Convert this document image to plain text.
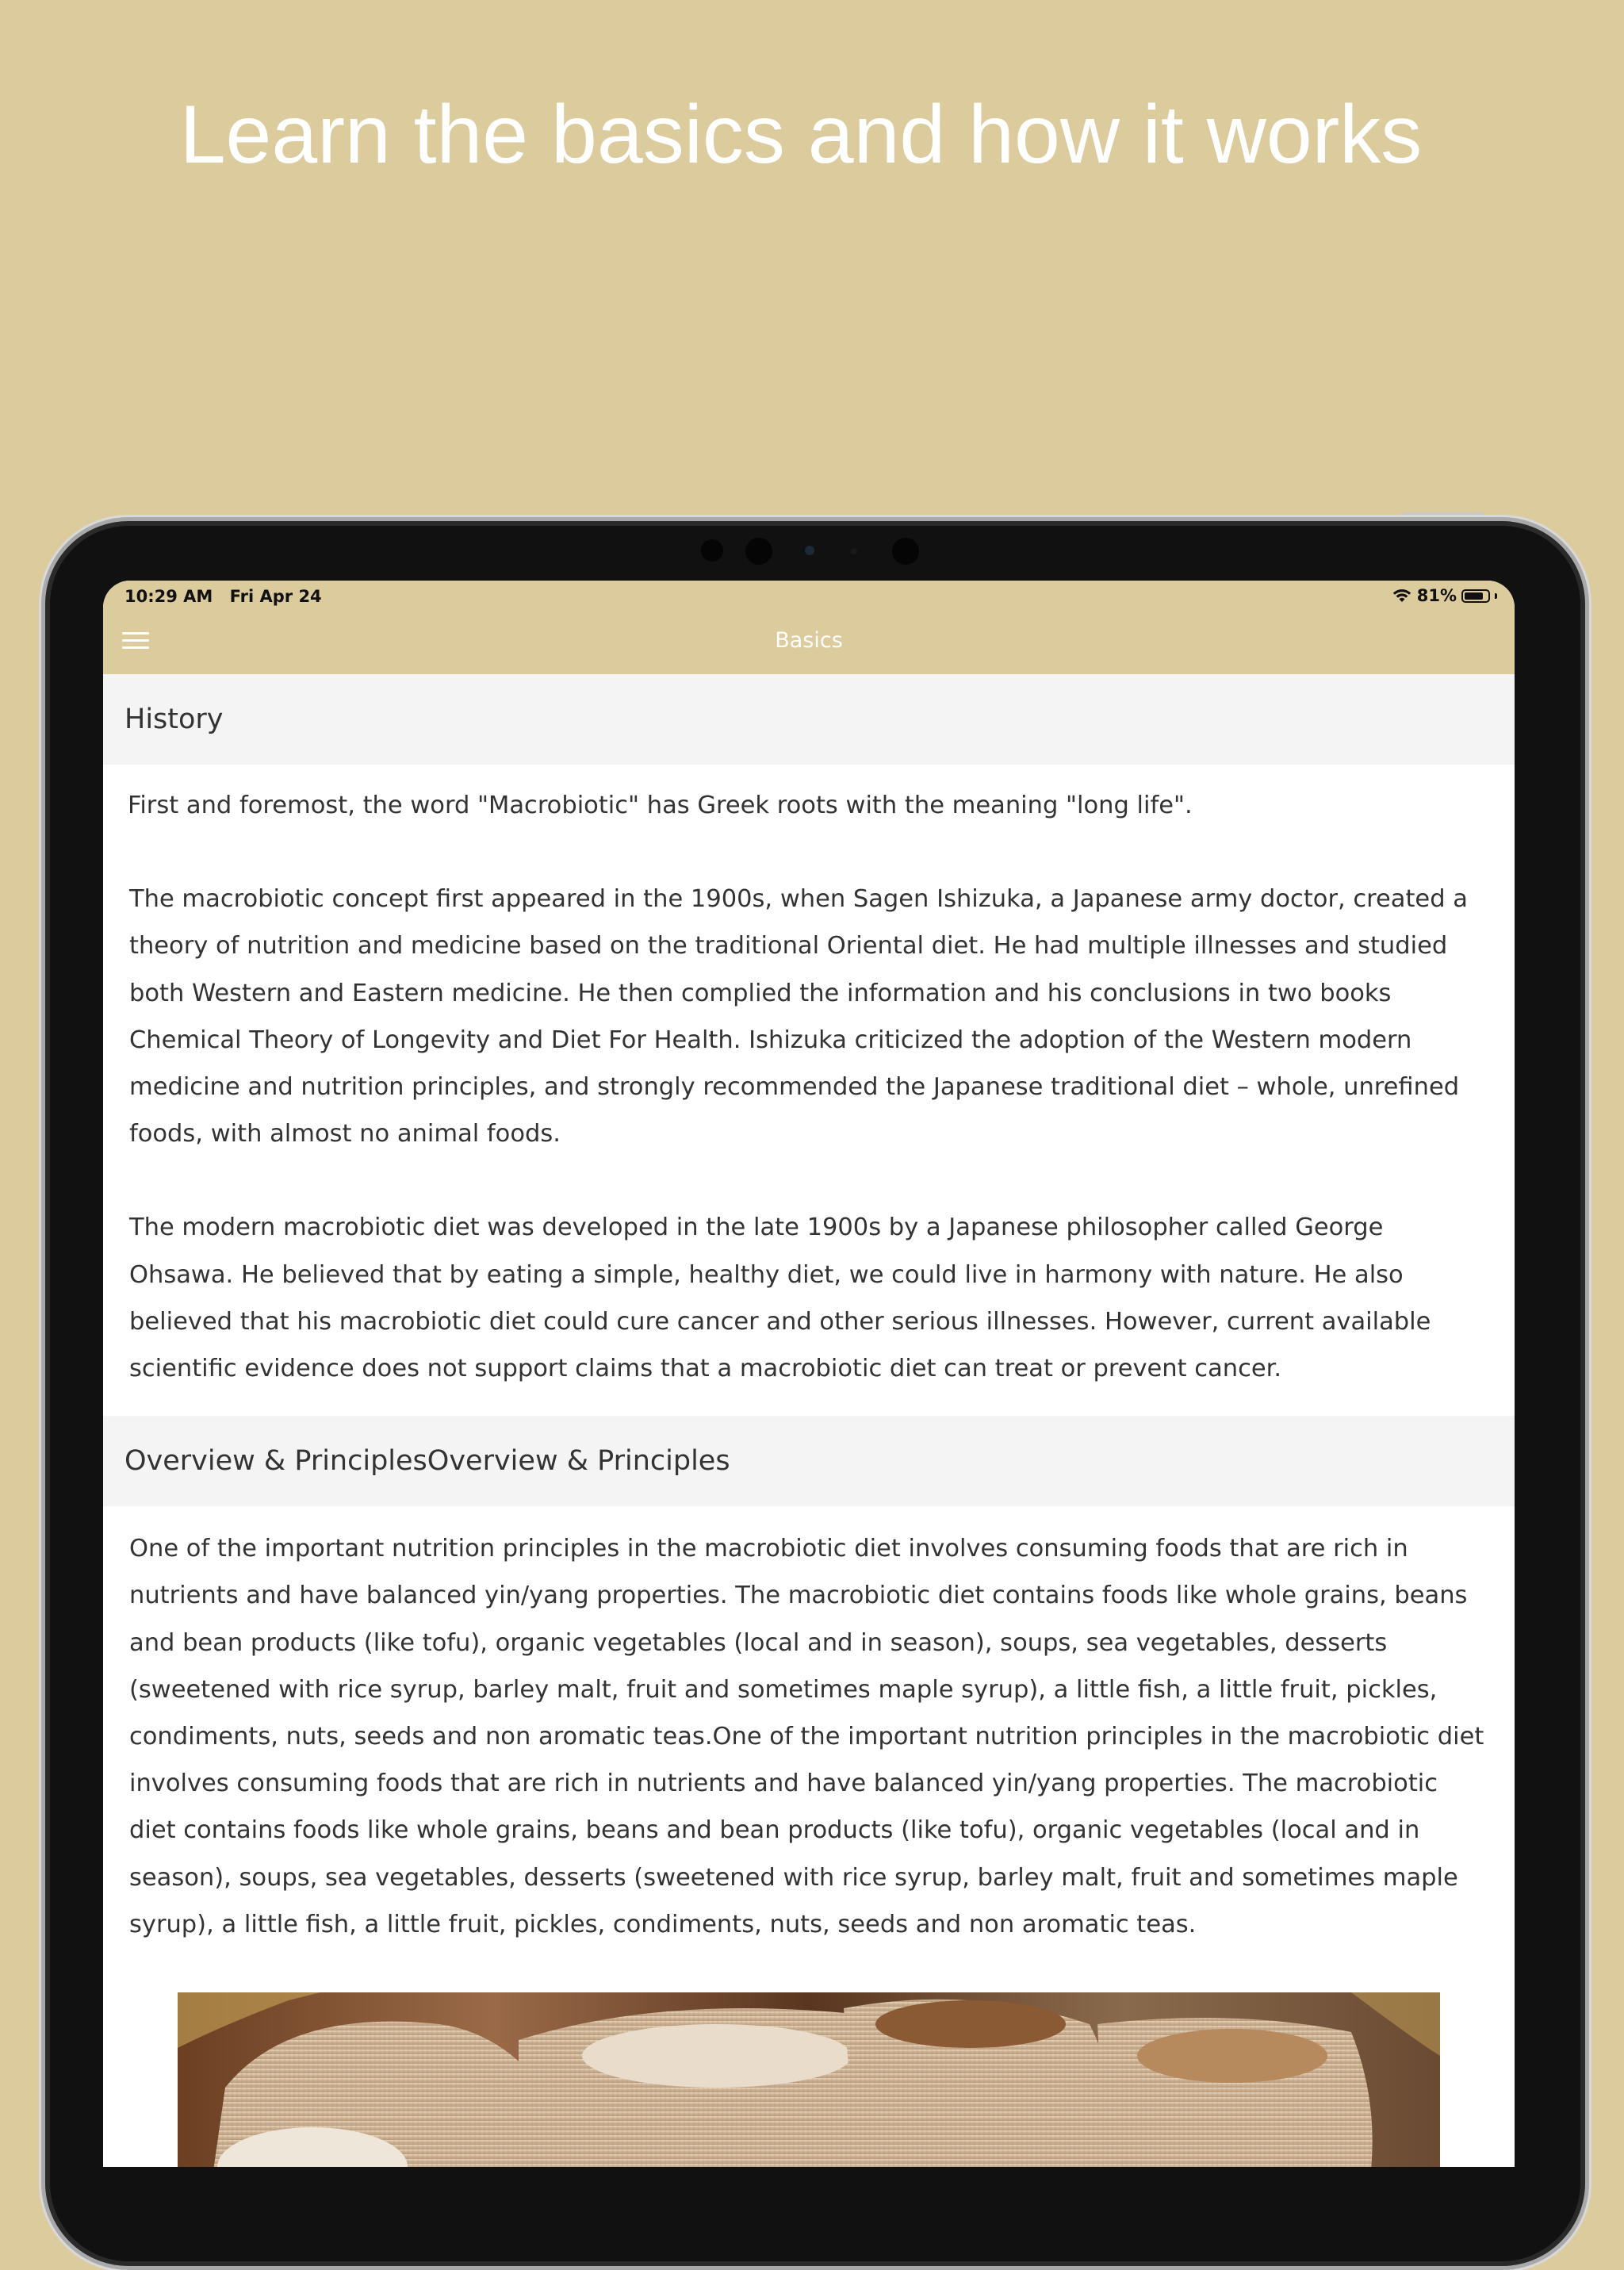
Learn the basics and how it works
10:29 AM Fri Apr 24	81%
Basics
History

First and foremost, the word "Macrobiotic" has Greek roots with the meaning "long life".

The macrobiotic concept first appeared in the 1900s, when Sagen Ishizuka, a Japanese army doctor, created a theory of nutrition and medicine based on the traditional Oriental diet. He had multiple illnesses and studied both Western and Eastern medicine. He then complied the information and his conclusions in two books Chemical Theory of Longevity and Diet For Health. Ishizuka criticized the adoption of the Western modern medicine and nutrition principles, and strongly recommended the Japanese traditional diet – whole, unrefined foods, with almost no animal foods.

The modern macrobiotic diet was developed in the late 1900s by a Japanese philosopher called George Ohsawa. He believed that by eating a simple, healthy diet, we could live in harmony with nature. He also believed that his macrobiotic diet could cure cancer and other serious illnesses. However, current available scientific evidence does not support claims that a macrobiotic diet can treat or prevent cancer.

Overview & PrinciplesOverview & Principles

One of the important nutrition principles in the macrobiotic diet involves consuming foods that are rich in nutrients and have balanced yin/yang properties. The macrobiotic diet contains foods like whole grains, beans and bean products (like tofu), organic vegetables (local and in season), soups, sea vegetables, desserts (sweetened with rice syrup, barley malt, fruit and sometimes maple syrup), a little fish, a little fruit, pickles, condiments, nuts, seeds and non aromatic teas.One of the important nutrition principles in the macrobiotic diet involves consuming foods that are rich in nutrients and have balanced yin/yang properties. The macrobiotic diet contains foods like whole grains, beans and bean products (like tofu), organic vegetables (local and in season), soups, sea vegetables, desserts (sweetened with rice syrup, barley malt, fruit and sometimes maple syrup), a little fish, a little fruit, pickles, condiments, nuts, seeds and non aromatic teas.
